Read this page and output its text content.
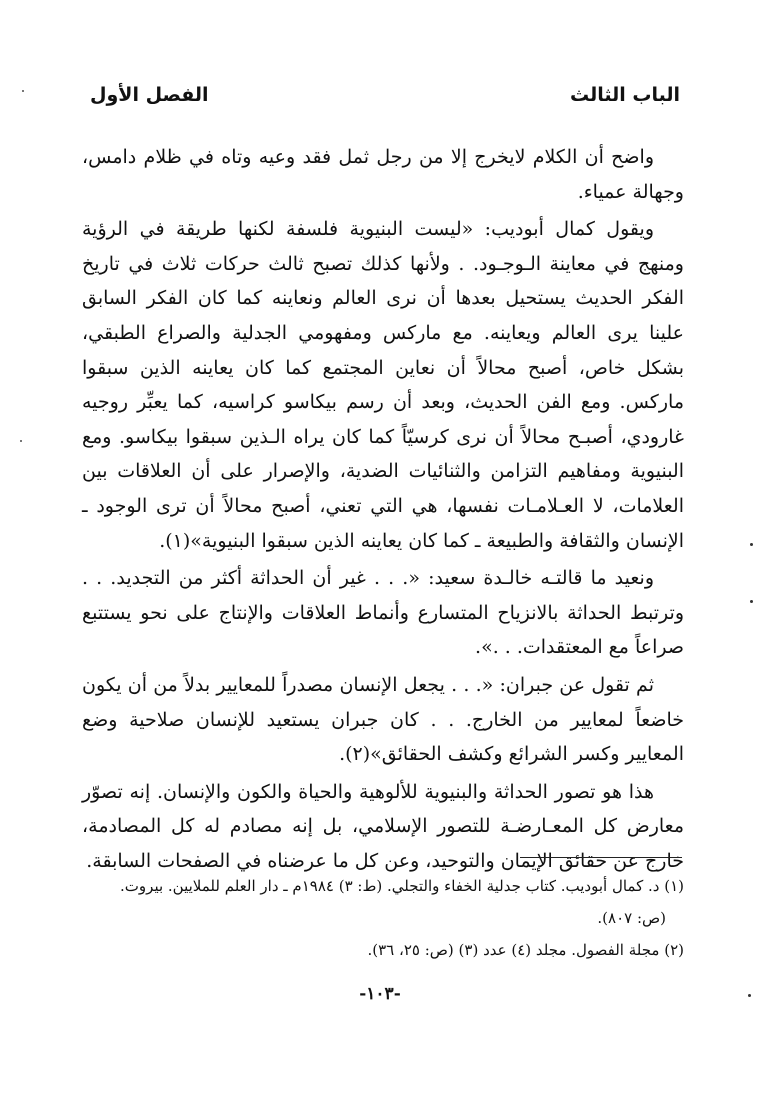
الباب الثالث
الفصل الأول

واضح أن الكلام لايخرج إلا من رجل ثمل فقد وعيه وتاه في ظلام دامس، وجهالة عمياء.

ويقول كمال أبوديب: «ليست البنيوية فلسفة لكنها طريقة في الرؤية ومنهج في معاينة الـوجـود. . ولأنها كذلك تصبح ثالث حركات ثلاث في تاريخ الفكر الحديث يستحيل بعدها أن نرى العالم ونعاينه كما كان الفكر السابق علينا يرى العالم ويعاينه. مع ماركس ومفهومي الجدلية والصراع الطبقي، بشكل خاص، أصبح محالاً أن نعاين المجتمع كما كان يعاينه الذين سبقوا ماركس. ومع الفن الحديث، وبعد أن رسم بيكاسو كراسيه، كما يعبِّر روجيه غارودي، أصبـح محالاً أن نرى كرسيّاً كما كان يراه الـذين سبقوا بيكاسو. ومع البنيوية ومفاهيم التزامن والثنائيات الضدية، والإصرار على أن العلاقات بين العلامات، لا العـلامـات نفسها، هي التي تعني، أصبح محالاً أن ترى الوجود ـ الإنسان والثقافة والطبيعة ـ كما كان يعاينه الذين سبقوا البنيوية»(١).

ونعيد ما قالتـه خالـدة سعيد: «. . . غير أن الحداثة أكثر من التجديد. . . وترتبط الحداثة بالانزياح المتسارع وأنماط العلاقات والإنتاج على نحو يستتبع صراعاً مع المعتقدات. . .».

ثم تقول عن جبران: «. . . يجعل الإنسان مصدراً للمعايير بدلاً من أن يكون خاضعاً لمعايير من الخارج. . . كان جبران يستعيد للإنسان صلاحية وضع المعايير وكسر الشرائع وكشف الحقائق»(٢).

هذا هو تصور الحداثة والبنيوية للألوهية والحياة والكون والإنسان. إنه تصوّر معارض كل المعـارضـة للتصور الإسلامي، بل إنه مصادم له كل المصادمة، خارج عن حقائق الإيمان والتوحيد، وعن كل ما عرضناه في الصفحات السابقة.

(١) د. كمال أبوديب. كتاب جدلية الخفاء والتجلي. (ط: ٣) ١٩٨٤م ـ دار العلم للملايين. بيروت.

(ص: ٨٠٧).

(٢) مجلة الفصول. مجلد (٤) عدد (٣) (ص: ٢٥، ٣٦).

-١٠٣-
